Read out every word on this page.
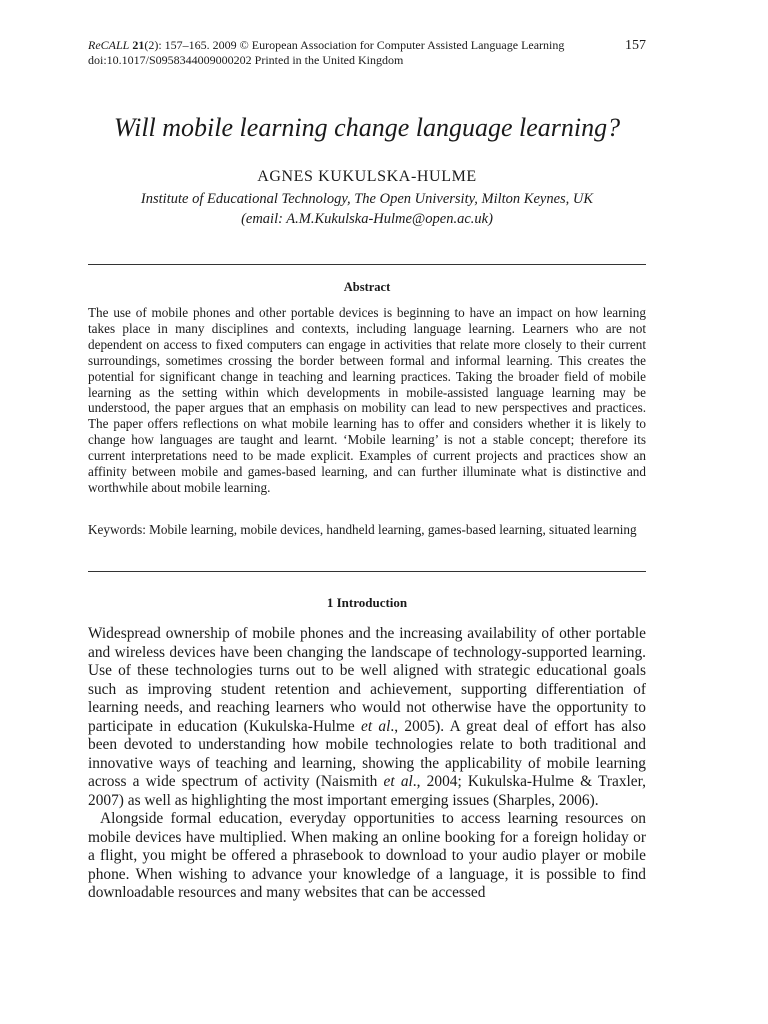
ReCALL 21(2): 157–165. 2009 © European Association for Computer Assisted Language Learning
doi:10.1017/S0958344009000202 Printed in the United Kingdom
157
Will mobile learning change language learning?
AGNES KUKULSKA-HULME
Institute of Educational Technology, The Open University, Milton Keynes, UK
(email: A.M.Kukulska-Hulme@open.ac.uk)
Abstract

The use of mobile phones and other portable devices is beginning to have an impact on how learning takes place in many disciplines and contexts, including language learning. Learners who are not dependent on access to fixed computers can engage in activities that relate more closely to their current surroundings, sometimes crossing the border between formal and informal learning. This creates the potential for significant change in teaching and learning practices. Taking the broader field of mobile learning as the setting within which developments in mobile-assisted language learning may be understood, the paper argues that an emphasis on mobility can lead to new perspectives and practices. The paper offers reflections on what mobile learning has to offer and considers whether it is likely to change how languages are taught and learnt. ‘Mobile learning’ is not a stable concept; therefore its current interpretations need to be made explicit. Examples of current projects and practices show an affinity between mobile and games-based learning, and can further illuminate what is distinctive and worthwhile about mobile learning.

Keywords: Mobile learning, mobile devices, handheld learning, games-based learning, situated learning

1 Introduction

Widespread ownership of mobile phones and the increasing availability of other portable and wireless devices have been changing the landscape of technology-supported learning. Use of these technologies turns out to be well aligned with strategic educational goals such as improving student retention and achievement, supporting differentiation of learning needs, and reaching learners who would not otherwise have the opportunity to participate in education (Kukulska-Hulme et al., 2005). A great deal of effort has also been devoted to understanding how mobile technologies relate to both traditional and innovative ways of teaching and learning, showing the applicability of mobile learning across a wide spectrum of activity (Naismith et al., 2004; Kukulska-Hulme & Traxler, 2007) as well as highlighting the most important emerging issues (Sharples, 2006).

Alongside formal education, everyday opportunities to access learning resources on mobile devices have multiplied. When making an online booking for a foreign holiday or a flight, you might be offered a phrasebook to download to your audio player or mobile phone. When wishing to advance your knowledge of a language, it is possible to find downloadable resources and many websites that can be accessed
